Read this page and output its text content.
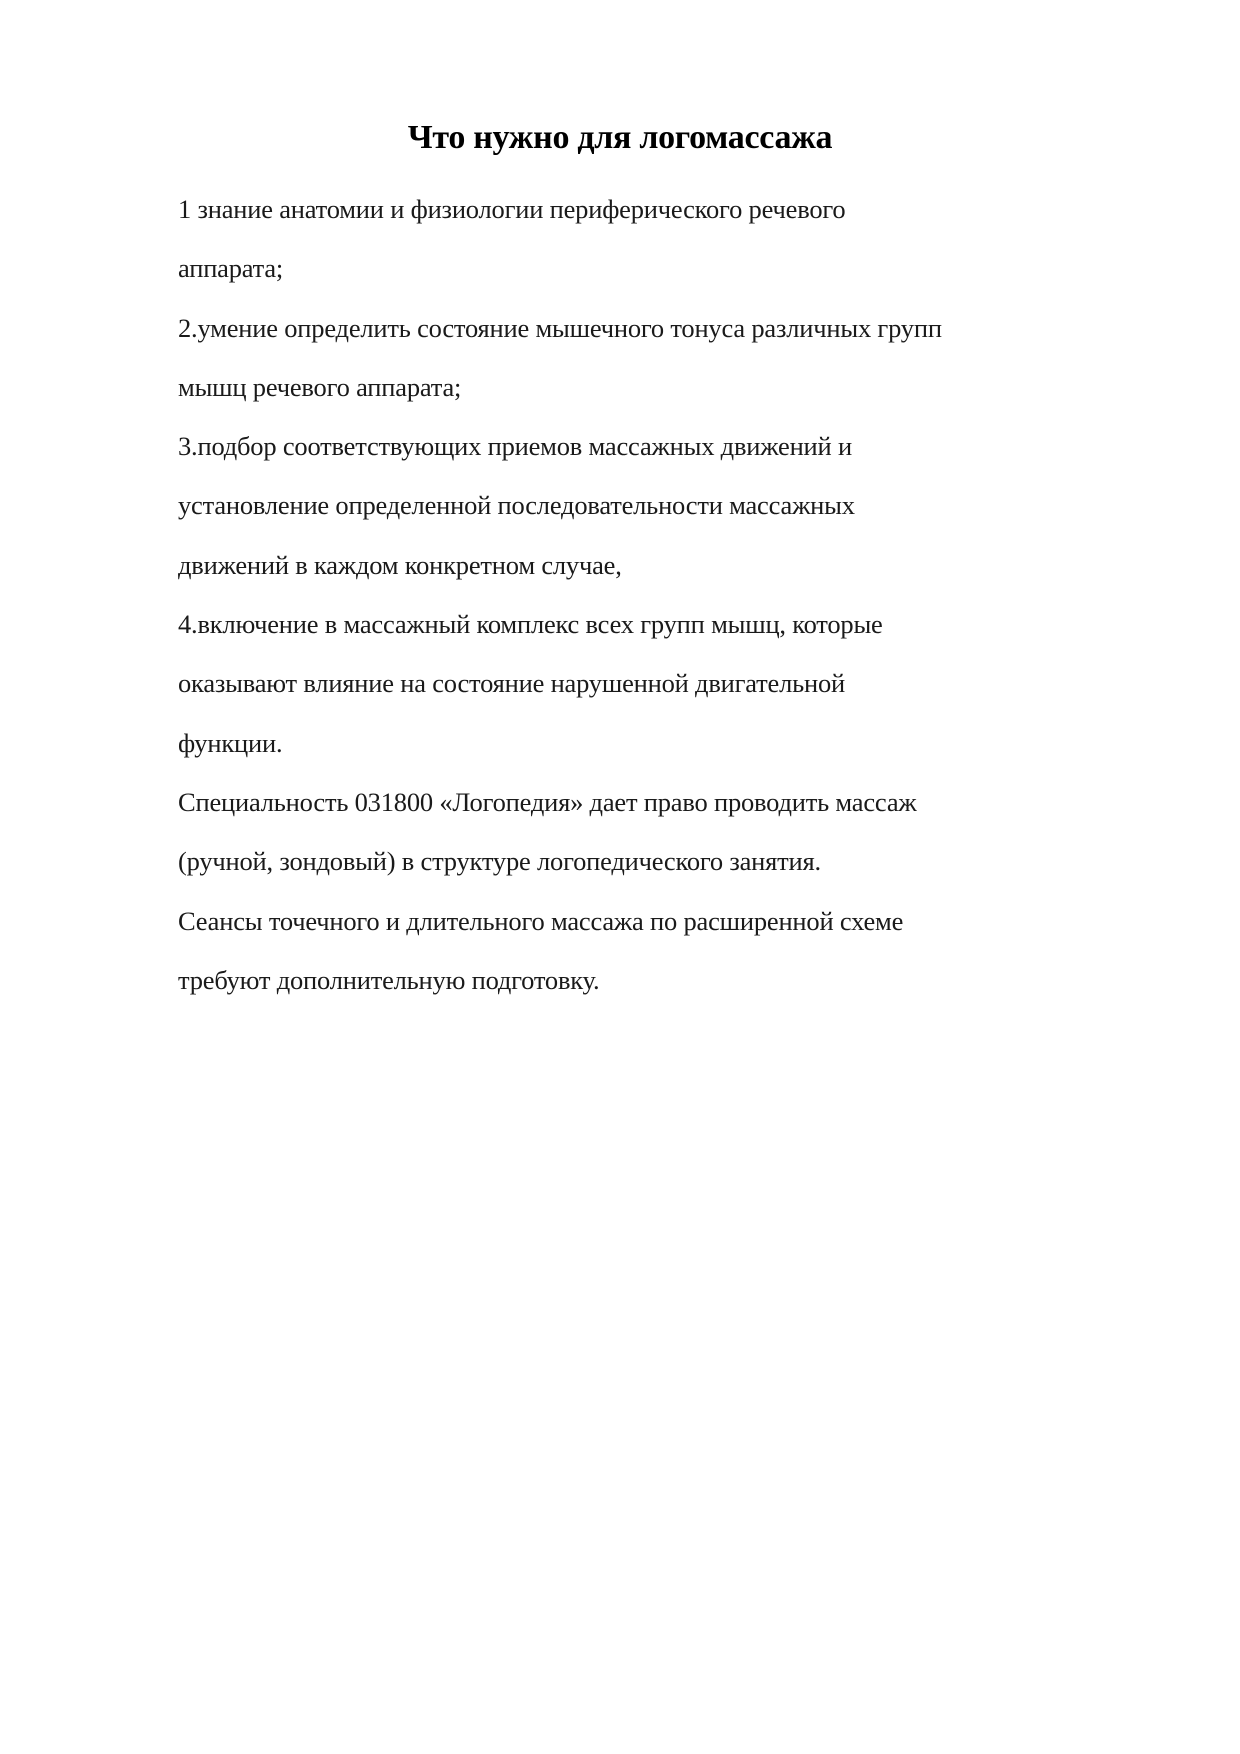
Что нужно для логомассажа
1 знание анатомии и физиологии периферического речевого
аппарата;
2.умение определить состояние мышечного тонуса различных групп
мышц речевого аппарата;
3.подбор соответствующих приемов массажных движений и
установление определенной последовательности массажных
движений в каждом конкретном случае,
4.включение в массажный комплекс всех групп мышц, которые
оказывают влияние на состояние нарушенной двигательной
функции.
Специальность 031800 «Логопедия» дает право проводить массаж
(ручной, зондовый) в структуре логопедического занятия.
Сеансы точечного и длительного массажа по расширенной схеме
требуют дополнительную подготовку.
